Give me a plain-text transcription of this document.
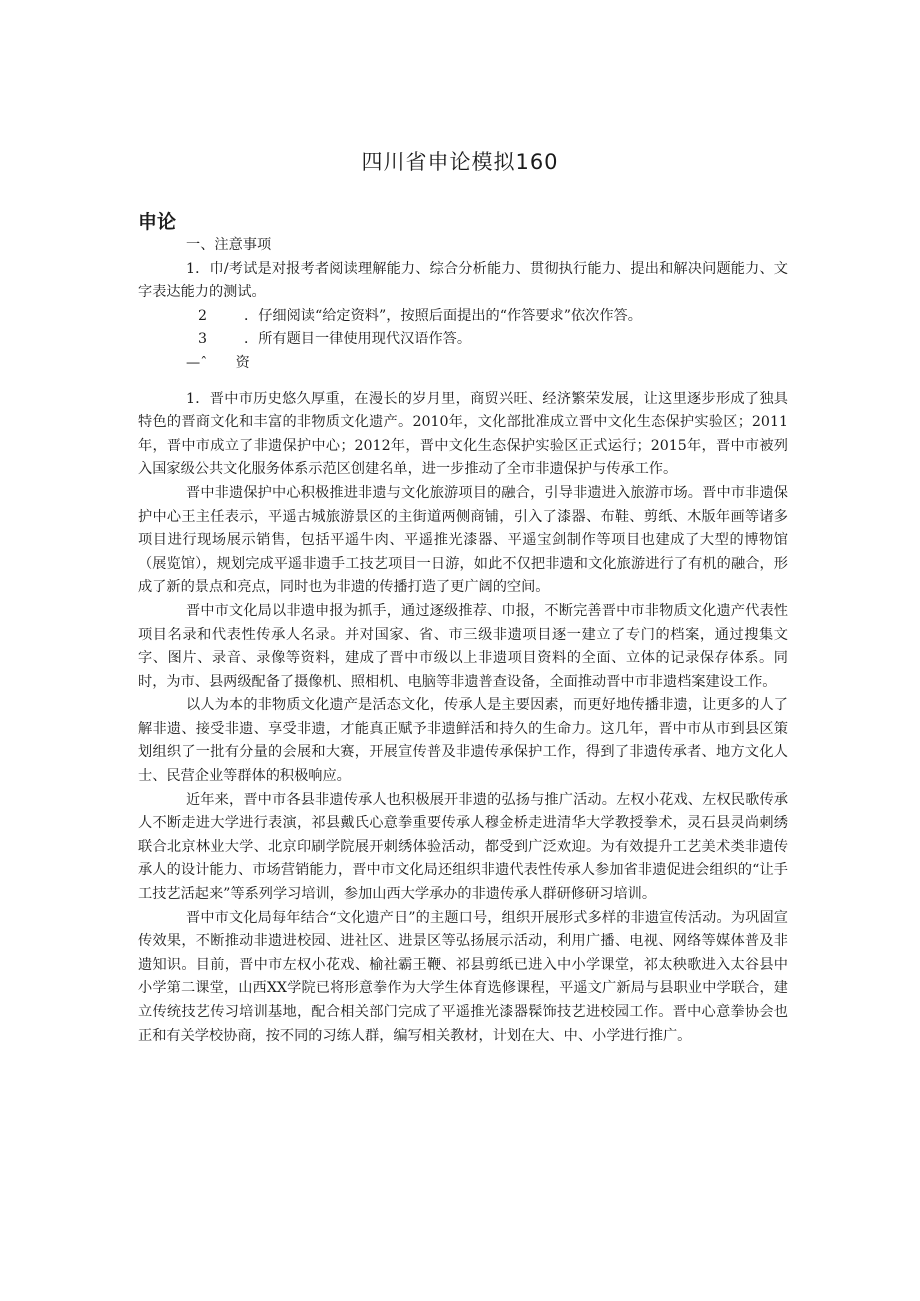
四川省申论模拟160
申论

一、注意事项

1．巾/考试是对报考者阅读理解能力、综合分析能力、贯彻执行能力、提出和解决问题能力、文字表达能力的测试。

2	．仔细阅读“给定资料”，按照后面提出的“作答要求”依次作答。

3	．所有题目一律使用现代汉语作答。

—ˆ　　资

1．晋中市历史悠久厚重，在漫长的岁月里，商贸兴旺、经济繁荣发展，让这里逐步形成了独具特色的晋商文化和丰富的非物质文化遗产。2010年，文化部批准成立晋中文化生态保护实验区；2011年，晋中市成立了非遗保护中心；2012年，晋中文化生态保护实验区正式运行；2015年，晋中市被列入国家级公共文化服务体系示范区创建名单，进一步推动了全市非遗保护与传承工作。

晋中非遗保护中心积极推进非遗与文化旅游项目的融合，引导非遗进入旅游市场。晋中市非遗保护中心王主任表示，平遥古城旅游景区的主街道两侧商铺，引入了漆器、布鞋、剪纸、木版年画等诸多项目进行现场展示销售，包括平遥牛肉、平遥推光漆器、平遥宝剑制作等项目也建成了大型的博物馆（展览馆），规划完成平遥非遗手工技艺项目一日游，如此不仅把非遗和文化旅游进行了有机的融合，形成了新的景点和亮点，同时也为非遗的传播打造了更广阔的空间。

晋中市文化局以非遗申报为抓手，通过逐级推荐、巾报，不断完善晋中市非物质文化遗产代表性项目名录和代表性传承人名录。并对国家、省、市三级非遗项目逐一建立了专门的档案，通过搜集文字、图片、录音、录像等资料，建成了晋中市级以上非遗项目资料的全面、立体的记录保存体系。同时，为市、县两级配备了摄像机、照相机、电脑等非遗普查设备，全面推动晋中市非遗档案建设工作。

以人为本的非物质文化遗产是活态文化，传承人是主要因素，而更好地传播非遗，让更多的人了解非遗、接受非遗、享受非遗，才能真正赋予非遗鲜活和持久的生命力。这几年，晋中市从市到县区策划组织了一批有分量的会展和大赛，开展宣传普及非遗传承保护工作，得到了非遗传承者、地方文化人士、民营企业等群体的积极响应。

近年来，晋中市各县非遗传承人也积极展开非遗的弘扬与推广活动。左权小花戏、左权民歌传承人不断走进大学进行表演，祁县戴氏心意拳重要传承人穆金桥走进清华大学教授拳术，灵石县灵尚刺绣联合北京林业大学、北京印刷学院展开刺绣体验活动，都受到广泛欢迎。为有效提升工艺美术类非遗传承人的设计能力、市场营销能力，晋中市文化局还组织非遗代表性传承人参加省非遗促进会组织的“让手工技艺活起来”等系列学习培训，参加山西大学承办的非遗传承人群研修研习培训。

晋中市文化局每年结合“文化遗产日”的主题口号，组织开展形式多样的非遗宣传活动。为巩固宣传效果，不断推动非遗进校园、进社区、进景区等弘扬展示活动，利用广播、电视、网络等媒体普及非遗知识。目前，晋中市左权小花戏、榆社霸王鞭、祁县剪纸已进入中小学课堂，祁太秧歌进入太谷县中小学第二课堂，山西XX学院已将形意拳作为大学生体育选修课程，平遥文广新局与县职业中学联合，建立传统技艺传习培训基地，配合相关部门完成了平遥推光漆器髹饰技艺进校园工作。晋中心意拳协会也正和有关学校协商，按不同的习练人群，编写相关教材，计划在大、中、小学进行推广。
